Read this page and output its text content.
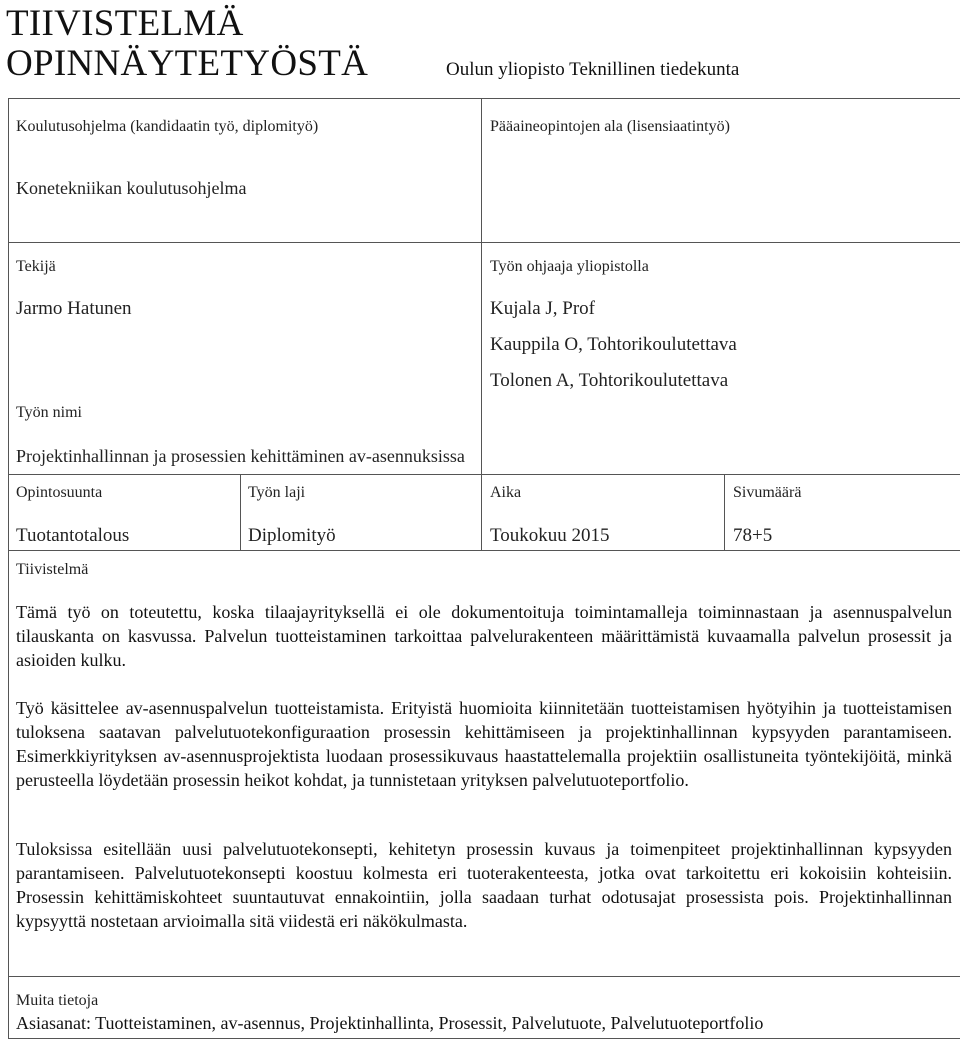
TIIVISTELMÄ
OPINNÄYTETYÖSTÄ	Oulun yliopisto Teknillinen tiedekunta
Koulutusohjelma (kandidaatin työ, diplomityö)	Pääaineopintojen ala (lisensiaatintyö)
Konetekniikan koulutusohjelma
Tekijä
Jarmo Hatunen
Työn ohjaaja yliopistolla
Kujala J, Prof
Kauppila O, Tohtorikoulutettava
Tolonen A, Tohtorikoulutettava
Työn nimi
Projektinhallinnan ja prosessien kehittäminen av-asennuksissa
Opintosuunta
Tuotantotalous
Työn laji
Diplomityö
Aika
Toukokuu 2015
Sivumäärä
78+5
Tiivistelmä
Tämä työ on toteutettu, koska tilaajayrityksellä ei ole dokumentoituja toimintamalleja toiminnastaan ja asennuspalvelun tilauskanta on kasvussa. Palvelun tuotteistaminen tarkoittaa palvelurakenteen määrittämistä kuvaamalla palvelun prosessit ja asioiden kulku.
Työ käsittelee av-asennuspalvelun tuotteistamista. Erityistä huomioita kiinnitetään tuotteistamisen hyötyihin ja tuotteistamisen tuloksena saatavan palvelutuotekonfiguraation prosessin kehittämiseen ja projektinhallinnan kypsyyden parantamiseen. Esimerkkiyrityksen av-asennusprojektista luodaan prosessikuvaus haastattelemalla projektiin osallistuneita työntekijöitä, minkä perusteella löydetään prosessin heikot kohdat, ja tunnistetaan yrityksen palvelutuoteportfolio.
Tuloksissa esitellään uusi palvelutuotekonsepti, kehitetyn prosessin kuvaus ja toimenpiteet projektinhallinnan kypsyyden parantamiseen. Palvelutuotekonsepti koostuu kolmesta eri tuoterakenteesta, jotka ovat tarkoitettu eri kokoisiin kohteisiin. Prosessin kehittämiskohteet suuntautuvat ennakointiin, jolla saadaan turhat odotusajat prosessista pois. Projektinhallinnan kypsyyttä nostetaan arvioimalla sitä viidestä eri näkökulmasta.
Muita tietoja
Asiasanat: Tuotteistaminen, av-asennus, Projektinhallinta, Prosessit, Palvelutuote, Palvelutuoteportfolio
